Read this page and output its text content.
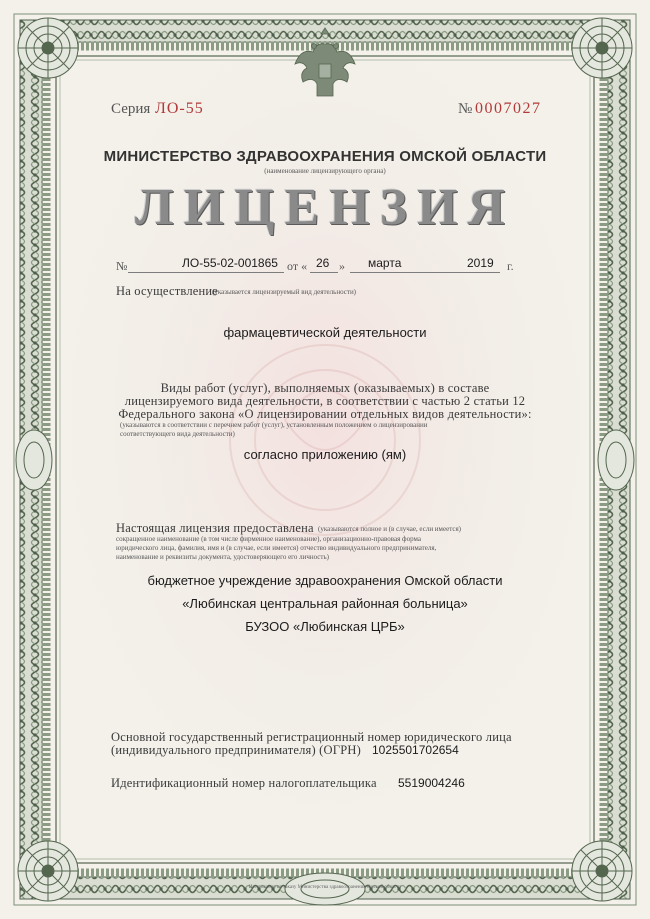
Серия ЛО-55	№ 0007027
МИНИСТЕРСТВО ЗДРАВООХРАНЕНИЯ ОМСКОЙ ОБЛАСТИ
(наименование лицензирующего органа)
ЛИЦЕНЗИЯ
№	ЛО-55-02-001865 от « 26 » марта	2019 г.
На осуществление
(указывается лицензируемый вид деятельности)
фармацевтической деятельности
Виды работ (услуг), выполняемых (оказываемых) в составе
лицензируемого вида деятельности, в соответствии с частью 2 статьи 12
Федерального закона «О лицензировании отдельных видов деятельности»:
(указываются в соответствии с перечнем работ (услуг), установленным положением о лицензировании
соответствующего вида деятельности)
согласно приложению (ям)
Настоящая лицензия предоставлена (указываются полное и (в случае, если имеется)
сокращенное наименование (в том числе фирменное наименование), организационно-правовая форма
юридического лица, фамилия, имя и (в случае, если имеется) отчество индивидуального предпринимателя,
наименование и реквизиты документа, удостоверяющего его личность)
бюджетное учреждение здравоохранения Омской области
«Любинская центральная районная больница»
БУЗОО «Любинская ЦРБ»
Основной государственный регистрационный номер юридического лица
(индивидуального предпринимателя) (ОГРН) 1025501702654
Идентификационный номер налогоплательщика 5519004246
Изготовлено по заказу Министерства здравоохранения Омской области
